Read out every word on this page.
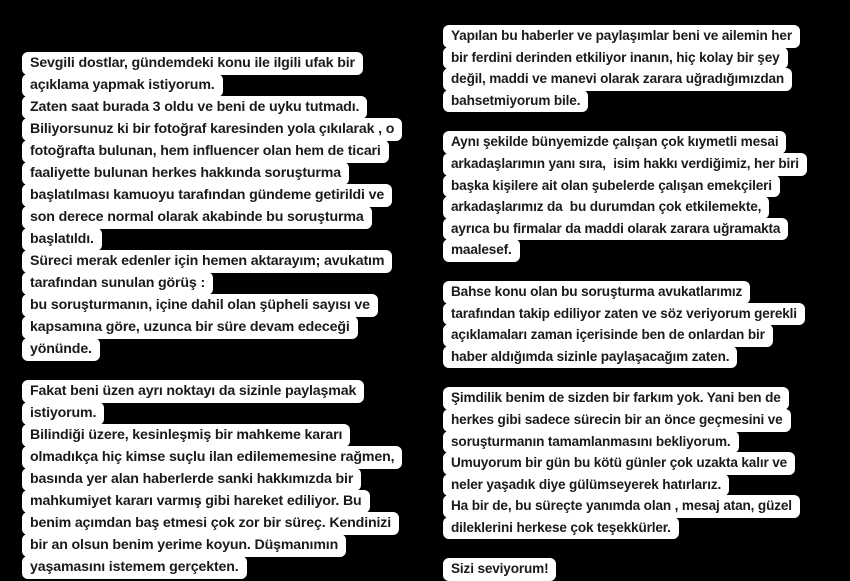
Sevgili dostlar, gündemdeki konu ile ilgili ufak bir
açıklama yapmak istiyorum.
Zaten saat burada 3 oldu ve beni de uyku tutmadı.
Biliyorsunuz ki bir fotoğraf karesinden yola çıkılarak , o
fotoğrafta bulunan, hem influencer olan hem de ticari
faaliyette bulunan herkes hakkında soruşturma
başlatılması kamuoyu tarafından gündeme getirildi ve
son derece normal olarak akabinde bu soruşturma
başlatıldı.
Süreci merak edenler için hemen aktarayım; avukatım
tarafından sunulan görüş :
bu soruşturmanın, içine dahil olan şüpheli sayısı ve
kapsamına göre, uzunca bir süre devam edeceği
yönünde.
Fakat beni üzen ayrı noktayı da sizinle paylaşmak
istiyorum.
Bilindiği üzere, kesinleşmiş bir mahkeme kararı
olmadıkça hiç kimse suçlu ilan edilememesine rağmen,
basında yer alan haberlerde sanki hakkımızda bir
mahkumiyet kararı varmış gibi hareket ediliyor. Bu
benim açımdan baş etmesi çok zor bir süreç. Kendinizi
bir an olsun benim yerime koyun. Düşmanımın
yaşamasını istemem gerçekten.
Yapılan bu haberler ve paylaşımlar beni ve ailemin her
bir ferdini derinden etkiliyor inanın, hiç kolay bir şey
değil, maddi ve manevi olarak zarara uğradığımızdan
bahsetmiyorum bile.
Aynı şekilde bünyemizde çalışan çok kıymetli mesai
arkadaşlarımın yanı sıra,  isim hakkı verdiğimiz, her biri
başka kişilere ait olan şubelerde çalışan emekçileri
arkadaşlarımız da  bu durumdan çok etkilemekte,
ayrıca bu firmalar da maddi olarak zarara uğramakta
maalesef.
Bahse konu olan bu soruşturma avukatlarımız
tarafından takip ediliyor zaten ve söz veriyorum gerekli
açıklamaları zaman içerisinde ben de onlardan bir
haber aldığımda sizinle paylaşacağım zaten.
Şimdilik benim de sizden bir farkım yok. Yani ben de
herkes gibi sadece sürecin bir an önce geçmesini ve
soruşturmanın tamamlanmasını bekliyorum.
Umuyorum bir gün bu kötü günler çok uzakta kalır ve
neler yaşadık diye gülümseyerek hatırlarız.
Ha bir de, bu süreçte yanımda olan , mesaj atan, güzel
dileklerini herkese çok teşekkürler.
Sizi seviyorum!
